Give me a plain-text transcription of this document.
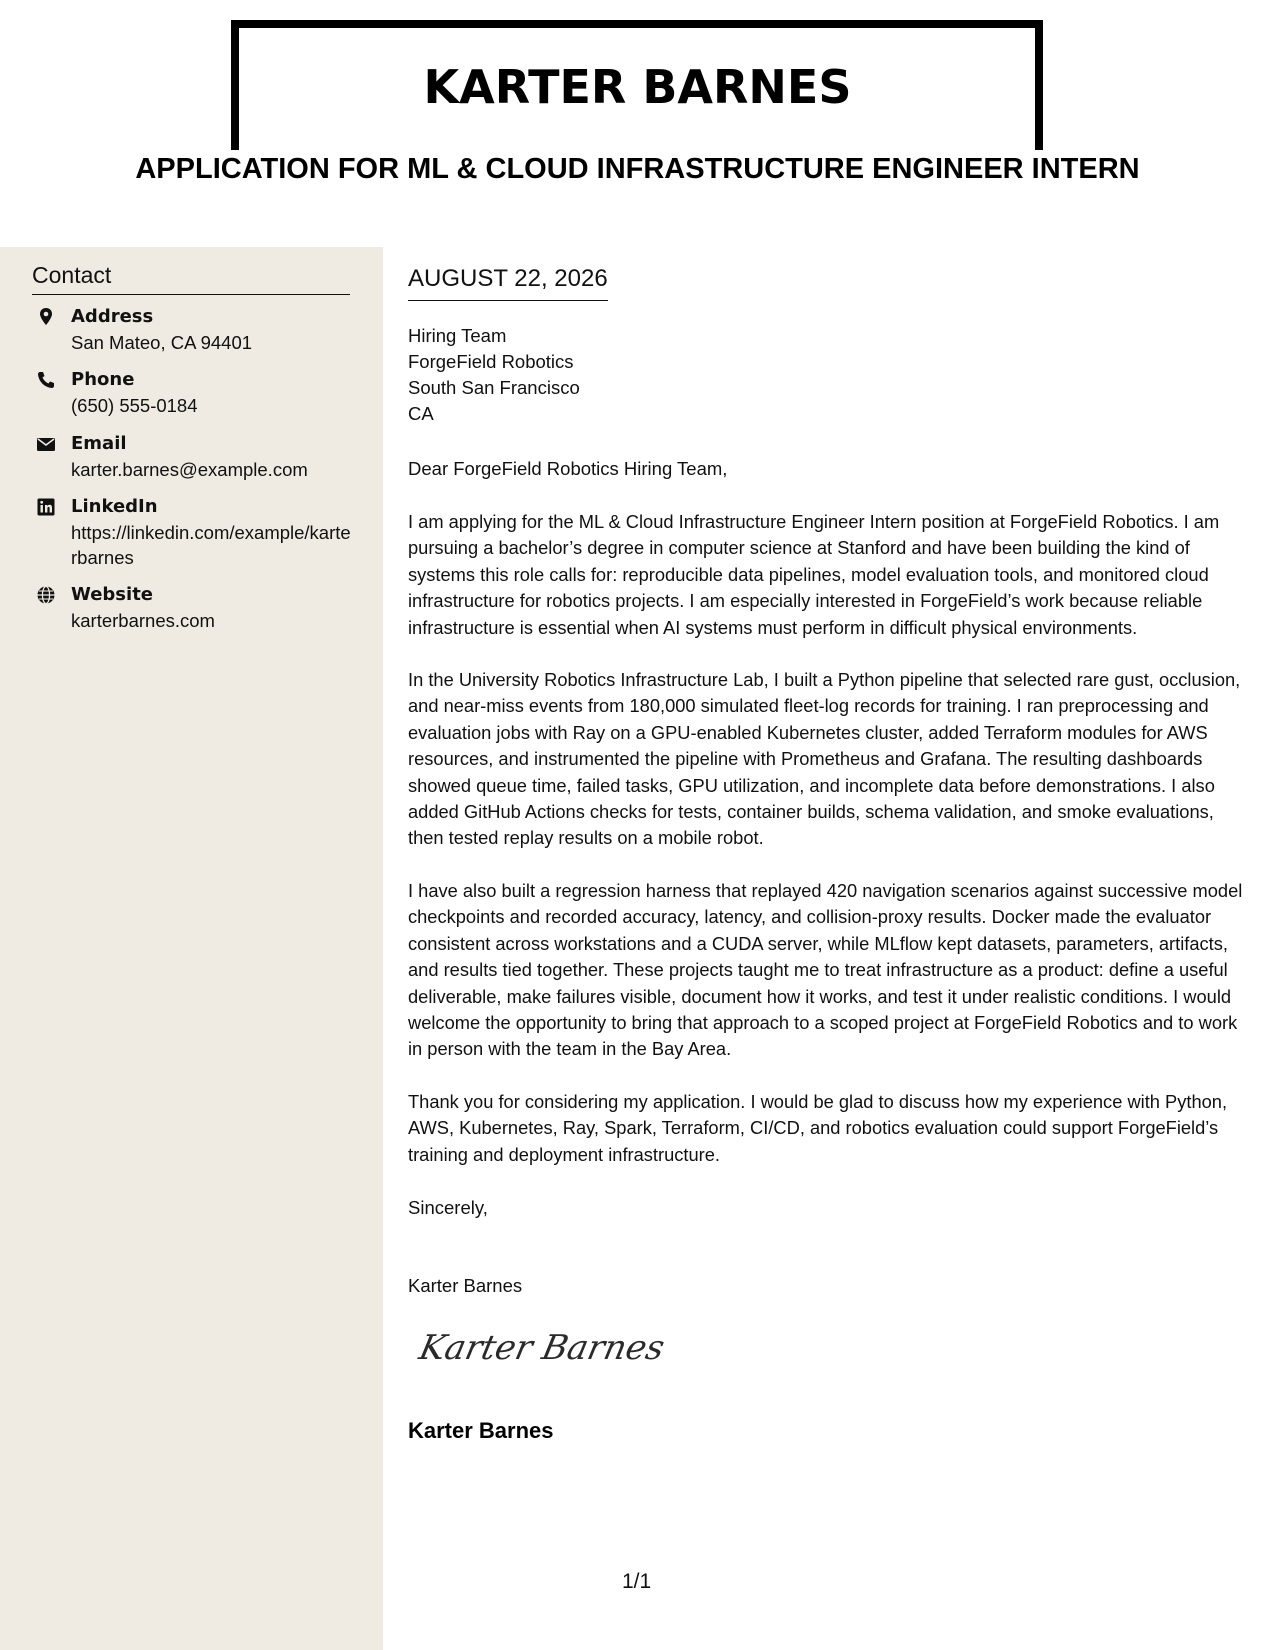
KARTER BARNES
APPLICATION FOR ML & CLOUD INFRASTRUCTURE ENGINEER INTERN
Contact
Address
San Mateo, CA 94401
Phone
(650) 555-0184
Email
karter.barnes@example.com
LinkedIn
https://linkedin.com/example/karterbarnes
Website
karterbarnes.com
AUGUST 22, 2026
Hiring Team
ForgeField Robotics
South San Francisco
CA
Dear ForgeField Robotics Hiring Team,
I am applying for the ML & Cloud Infrastructure Engineer Intern position at ForgeField Robotics. I am pursuing a bachelor’s degree in computer science at Stanford and have been building the kind of systems this role calls for: reproducible data pipelines, model evaluation tools, and monitored cloud infrastructure for robotics projects. I am especially interested in ForgeField’s work because reliable infrastructure is essential when AI systems must perform in difficult physical environments.
In the University Robotics Infrastructure Lab, I built a Python pipeline that selected rare gust, occlusion, and near-miss events from 180,000 simulated fleet-log records for training. I ran preprocessing and evaluation jobs with Ray on a GPU-enabled Kubernetes cluster, added Terraform modules for AWS resources, and instrumented the pipeline with Prometheus and Grafana. The resulting dashboards showed queue time, failed tasks, GPU utilization, and incomplete data before demonstrations. I also added GitHub Actions checks for tests, container builds, schema validation, and smoke evaluations, then tested replay results on a mobile robot.
I have also built a regression harness that replayed 420 navigation scenarios against successive model checkpoints and recorded accuracy, latency, and collision-proxy results. Docker made the evaluator consistent across workstations and a CUDA server, while MLflow kept datasets, parameters, artifacts, and results tied together. These projects taught me to treat infrastructure as a product: define a useful deliverable, make failures visible, document how it works, and test it under realistic conditions. I would welcome the opportunity to bring that approach to a scoped project at ForgeField Robotics and to work in person with the team in the Bay Area.
Thank you for considering my application. I would be glad to discuss how my experience with Python, AWS, Kubernetes, Ray, Spark, Terraform, CI/CD, and robotics evaluation could support ForgeField’s training and deployment infrastructure.
Sincerely,
Karter Barnes
Karter Barnes
Karter Barnes
1/1
